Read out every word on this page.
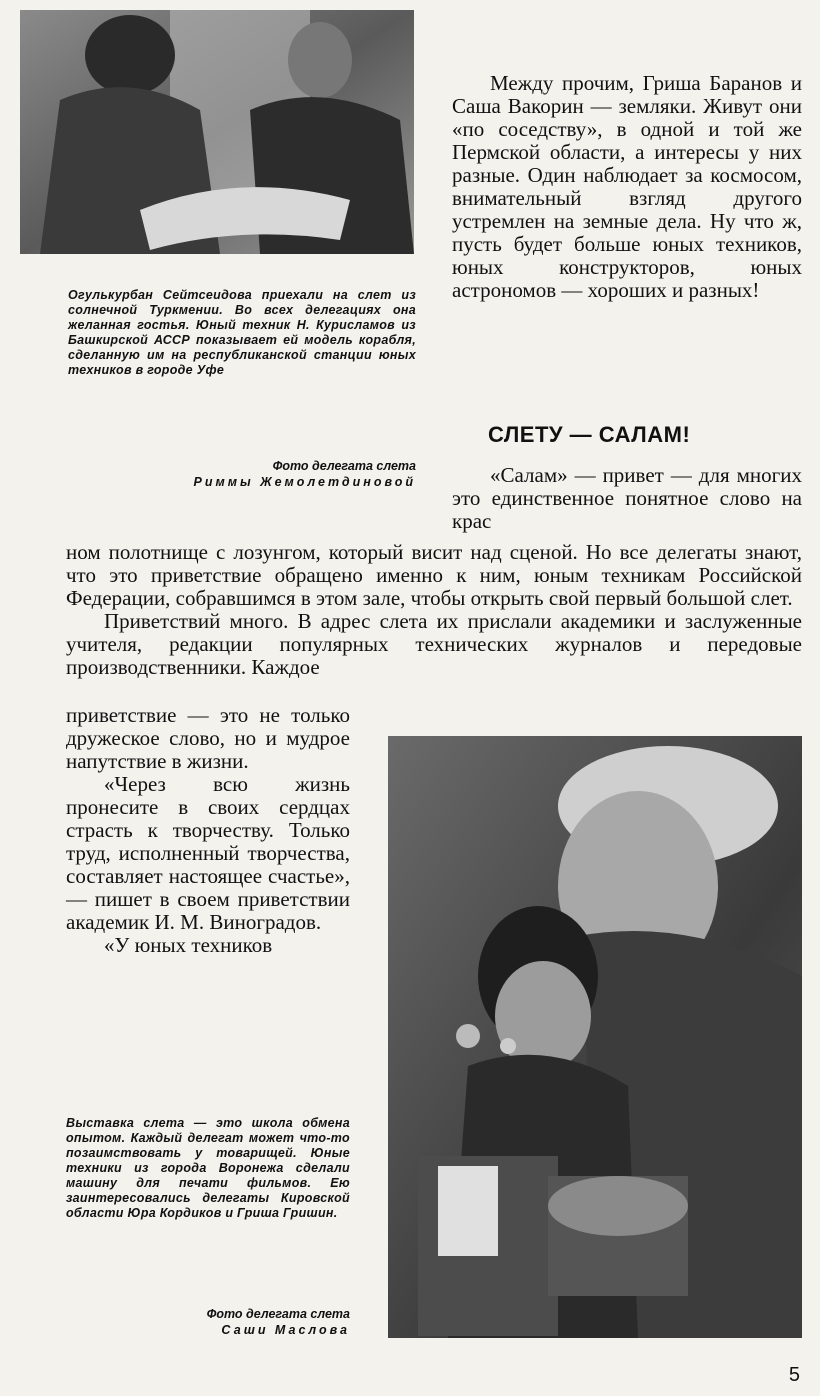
Огулькурбан Сейтсеидова приехали на слет из солнечной Туркмении. Во всех делегациях она желанная гостья. Юный техник Н. Курисламов из Башкирской АССР показывает ей модель корабля, сделанную им на республиканской станции юных техников в городе Уфе
Фото делегата слета
Риммы Жемолетдиновой

Между прочим, Гриша Баранов и Саша Вакорин — земляки. Живут они «по соседству», в одной и той же Пермской области, а интересы у них разные. Один наблюдает за космосом, внимательный взгляд другого устремлен на земные дела. Ну что ж, пусть будет больше юных техников, юных конструкторов, юных астрономов — хороших и разных!

СЛЕТУ — САЛАМ!

«Салам» — привет — для многих это единственное понятное слово на крас

ном полотнище с лозунгом, который висит над сценой. Но все делегаты знают, что это приветствие обращено именно к ним, юным техникам Российской Федерации, собравшимся в этом зале, чтобы открыть свой первый большой слет.

Приветствий много. В адрес слета их прислали академики и заслуженные учителя, редакции популярных технических журналов и передовые производственники. Каждое

приветствие — это не только дружеское слово, но и мудрое напутствие в жизни.

«Через всю жизнь пронесите в своих сердцах страсть к творчеству. Только труд, исполненный творчества, составляет настоящее счастье», — пишет в своем приветствии академик И. М. Виноградов.

«У юных техников

Выставка слета — это школа обмена опытом. Каждый делегат может что-то позаимствовать у товарищей. Юные техники из города Воронежа сделали машину для печати фильмов. Ею заинтересовались делегаты Кировской области Юра Кордиков и Гриша Гришин.
Фото делегата слета
Саши Маслова
5
